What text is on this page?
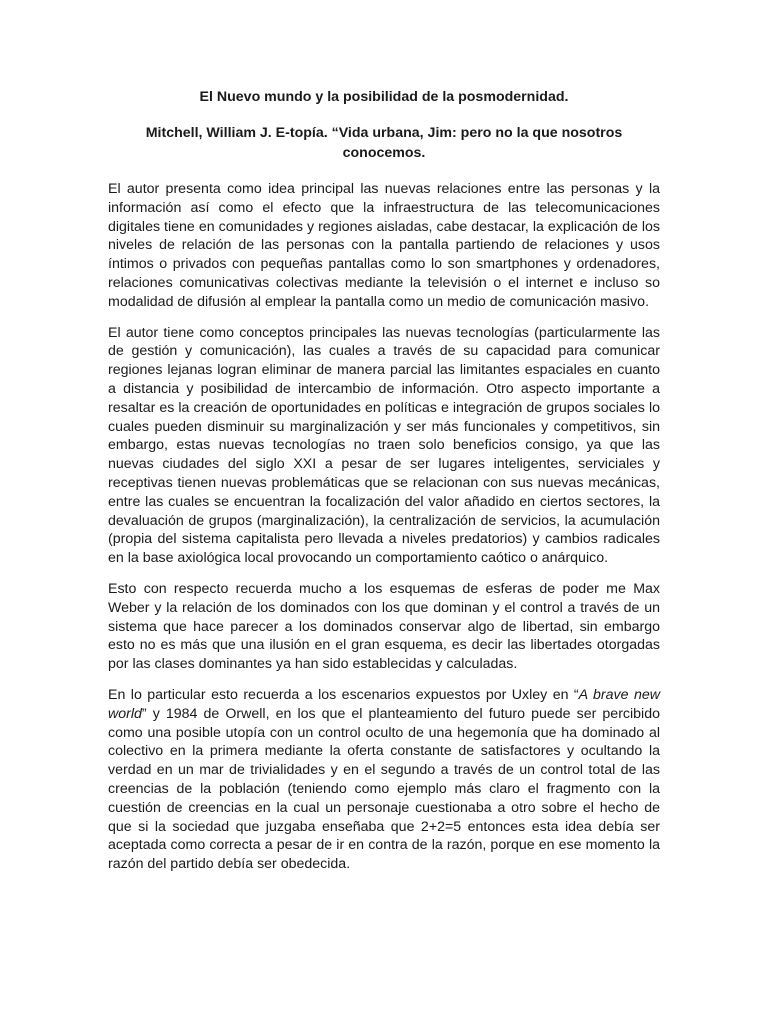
El Nuevo mundo y la posibilidad de la posmodernidad.
Mitchell, William J. E-topía. “Vida urbana, Jim: pero no la que nosotros conocemos.

El autor presenta como idea principal las nuevas relaciones entre las personas y la información así como el efecto que la infraestructura de las telecomunicaciones digitales tiene en comunidades y regiones aisladas, cabe destacar, la explicación de los niveles de relación de las personas con la pantalla partiendo de relaciones y usos íntimos o privados con pequeñas pantallas como lo son smartphones y ordenadores, relaciones comunicativas colectivas mediante la televisión o el internet e incluso so modalidad de difusión al emplear la pantalla como un medio de comunicación masivo.

El autor tiene como conceptos principales las nuevas tecnologías (particularmente las de gestión y comunicación), las cuales a través de su capacidad para comunicar regiones lejanas logran eliminar de manera parcial las limitantes espaciales en cuanto a distancia y posibilidad de intercambio de información. Otro aspecto importante a resaltar es la creación de oportunidades en políticas e integración de grupos sociales lo cuales pueden disminuir su marginalización y ser más funcionales y competitivos, sin embargo, estas nuevas tecnologías no traen solo beneficios consigo, ya que las nuevas ciudades del siglo XXI a pesar de ser lugares inteligentes, serviciales y receptivas tienen nuevas problemáticas que se relacionan con sus nuevas mecánicas, entre las cuales se encuentran la focalización del valor añadido en ciertos sectores, la devaluación de grupos (marginalización), la centralización de servicios, la acumulación (propia del sistema capitalista pero llevada a niveles predatorios) y cambios radicales en la base axiológica local provocando un comportamiento caótico o anárquico.

Esto con respecto recuerda mucho a los esquemas de esferas de poder me Max Weber y la relación de los dominados con los que dominan y el control a través de un sistema que hace parecer a los dominados conservar algo de libertad, sin embargo esto no es más que una ilusión en el gran esquema, es decir las libertades otorgadas por las clases dominantes ya han sido establecidas y calculadas.

En lo particular esto recuerda a los escenarios expuestos por Uxley en “A brave new world” y 1984 de Orwell, en los que el planteamiento del futuro puede ser percibido como una posible utopía con un control oculto de una hegemonía que ha dominado al colectivo en la primera mediante la oferta constante de satisfactores y ocultando la verdad en un mar de trivialidades y en el segundo a través de un control total de las creencias de la población (teniendo como ejemplo más claro el fragmento con la cuestión de creencias en la cual un personaje cuestionaba a otro sobre el hecho de que si la sociedad que juzgaba enseñaba que 2+2=5 entonces esta idea debía ser aceptada como correcta a pesar de ir en contra de la razón, porque en ese momento la razón del partido debía ser obedecida.
